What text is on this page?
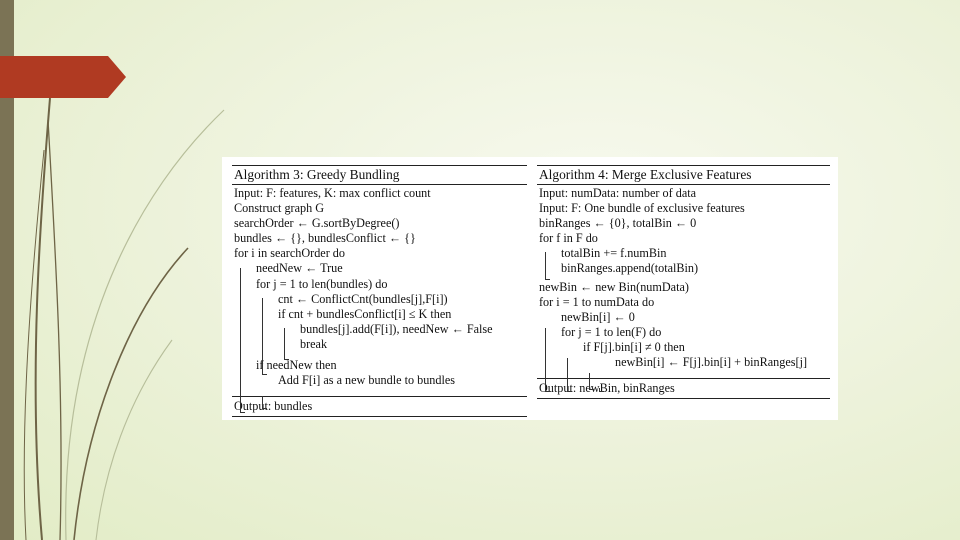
Algorithm 3: Greedy Bundling
Input: F: features, K: max conflict count
Construct graph G
searchOrder ← G.sortByDegree()
bundles ← {}, bundlesConflict ← {}
for i in searchOrder do
needNew ← True
for j = 1 to len(bundles) do
cnt ← ConflictCnt(bundles[j],F[i])
if cnt + bundlesConflict[i] ≤ K then
bundles[j].add(F[i]), needNew ← False
break
if needNew then
Add F[i] as a new bundle to bundles
Output: bundles
Algorithm 4: Merge Exclusive Features
Input: numData: number of data
Input: F: One bundle of exclusive features
binRanges ← {0}, totalBin ← 0
for f in F do
totalBin += f.numBin
binRanges.append(totalBin)
newBin ← new Bin(numData)
for i = 1 to numData do
newBin[i] ← 0
for j = 1 to len(F) do
if F[j].bin[i] ≠ 0 then
newBin[i] ← F[j].bin[i] + binRanges[j]
Output: newBin, binRanges
